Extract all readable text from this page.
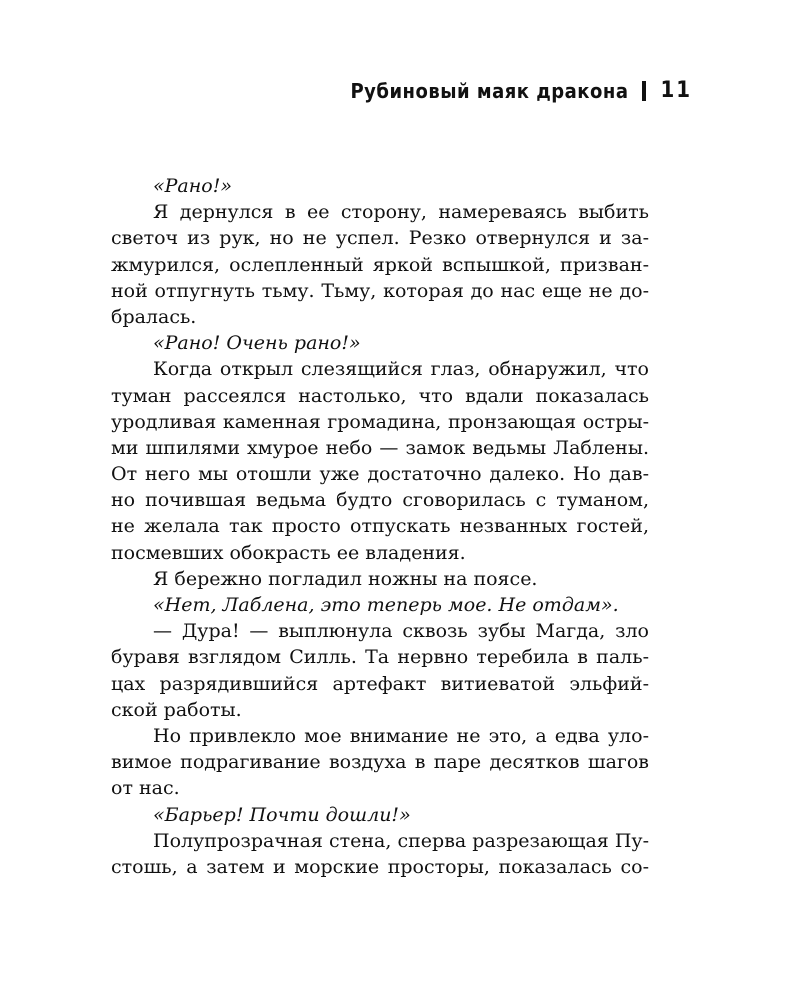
Рубиновый маяк дракона 11
«Рано!»
Я дернулся в ее сторону, намереваясь выбить
светоч из рук, но не успел. Резко отвернулся и за-
жмурился, ослепленный яркой вспышкой, призван-
ной отпугнуть тьму. Тьму, которая до нас еще не до-
бралась.
«Рано! Очень рано!»
Когда открыл слезящийся глаз, обнаружил, что
туман рассеялся настолько, что вдали показалась
уродливая каменная громадина, пронзающая остры-
ми шпилями хмурое небо — замок ведьмы Лаблены.
От него мы отошли уже достаточно далеко. Но дав-
но почившая ведьма будто сговорилась с туманом,
не желала так просто отпускать незванных гостей,
посмевших обокрасть ее владения.
Я бережно погладил ножны на поясе.
«Нет, Лаблена, это теперь мое. Не отдам».
— Дура! — выплюнула сквозь зубы Магда, зло
буравя взглядом Силль. Та нервно теребила в паль-
цах разрядившийся артефакт витиеватой эльфий-
ской работы.
Но привлекло мое внимание не это, а едва уло-
вимое подрагивание воздуха в паре десятков шагов
от нас.
«Барьер! Почти дошли!»
Полупрозрачная стена, сперва разрезающая Пу-
стошь, а затем и морские просторы, показалась со-
